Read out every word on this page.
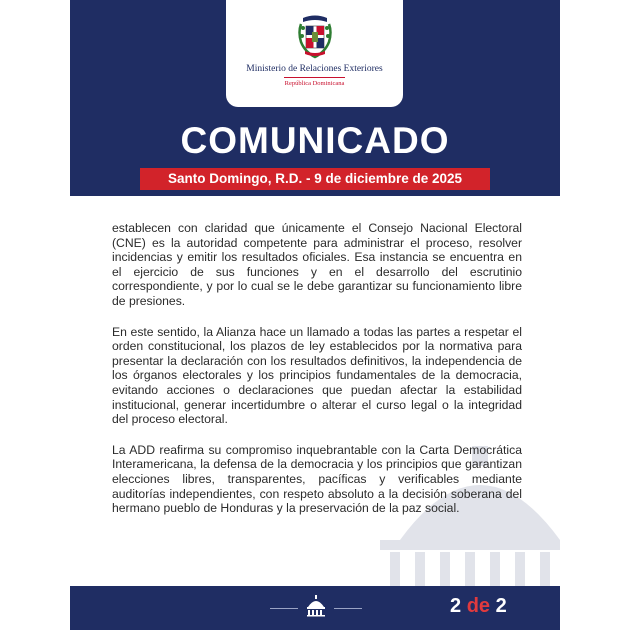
Ministerio de Relaciones Exteriores
República Dominicana
COMUNICADO
Santo Domingo, R.D. - 9 de diciembre de 2025

establecen con claridad que únicamente el Consejo Nacional Electoral (CNE) es la autoridad competente para administrar el proceso, resolver incidencias y emitir los resultados oficiales. Esa instancia se encuentra en el ejercicio de sus funciones y en el desarrollo del escrutinio correspondiente, y por lo cual se le debe garantizar su funcionamiento libre de presiones.

En este sentido, la Alianza hace un llamado a todas las partes a respetar el orden constitucional, los plazos de ley establecidos por la normativa para presentar la declaración con los resultados definitivos, la independencia de los órganos electorales y los principios fundamentales de la democracia, evitando acciones o declaraciones que puedan afectar la estabilidad institucional, generar incertidumbre o alterar el curso legal o la integridad del proceso electoral.

La ADD reafirma su compromiso inquebrantable con la Carta Democrática Interamericana, la defensa de la democracia y los principios que garantizan elecciones libres, transparentes, pacíficas y verificables mediante auditorías independientes, con respeto absoluto a la decisión soberana del hermano pueblo de Honduras y la preservación de la paz social.

2 de 2
